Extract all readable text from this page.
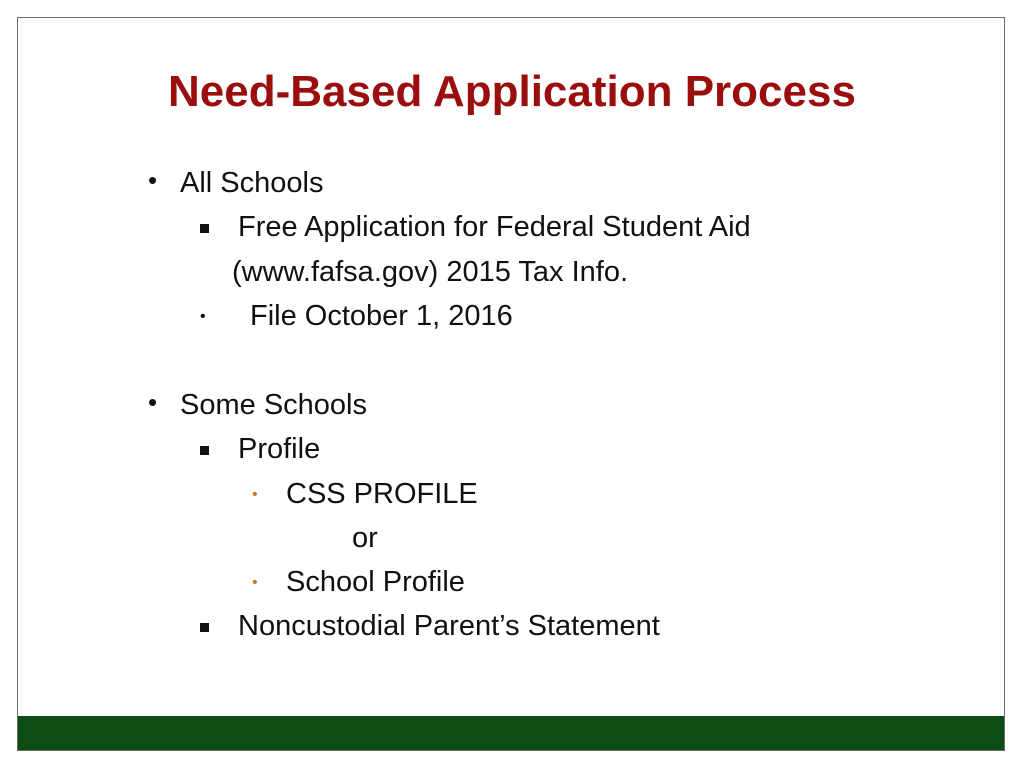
Need-Based Application Process
• All Schools
Free Application for Federal Student Aid
(www.fafsa.gov) 2015 Tax Info.
• File October 1, 2016
• Some Schools
Profile
• CSS PROFILE
or
• School Profile
Noncustodial Parent’s Statement
